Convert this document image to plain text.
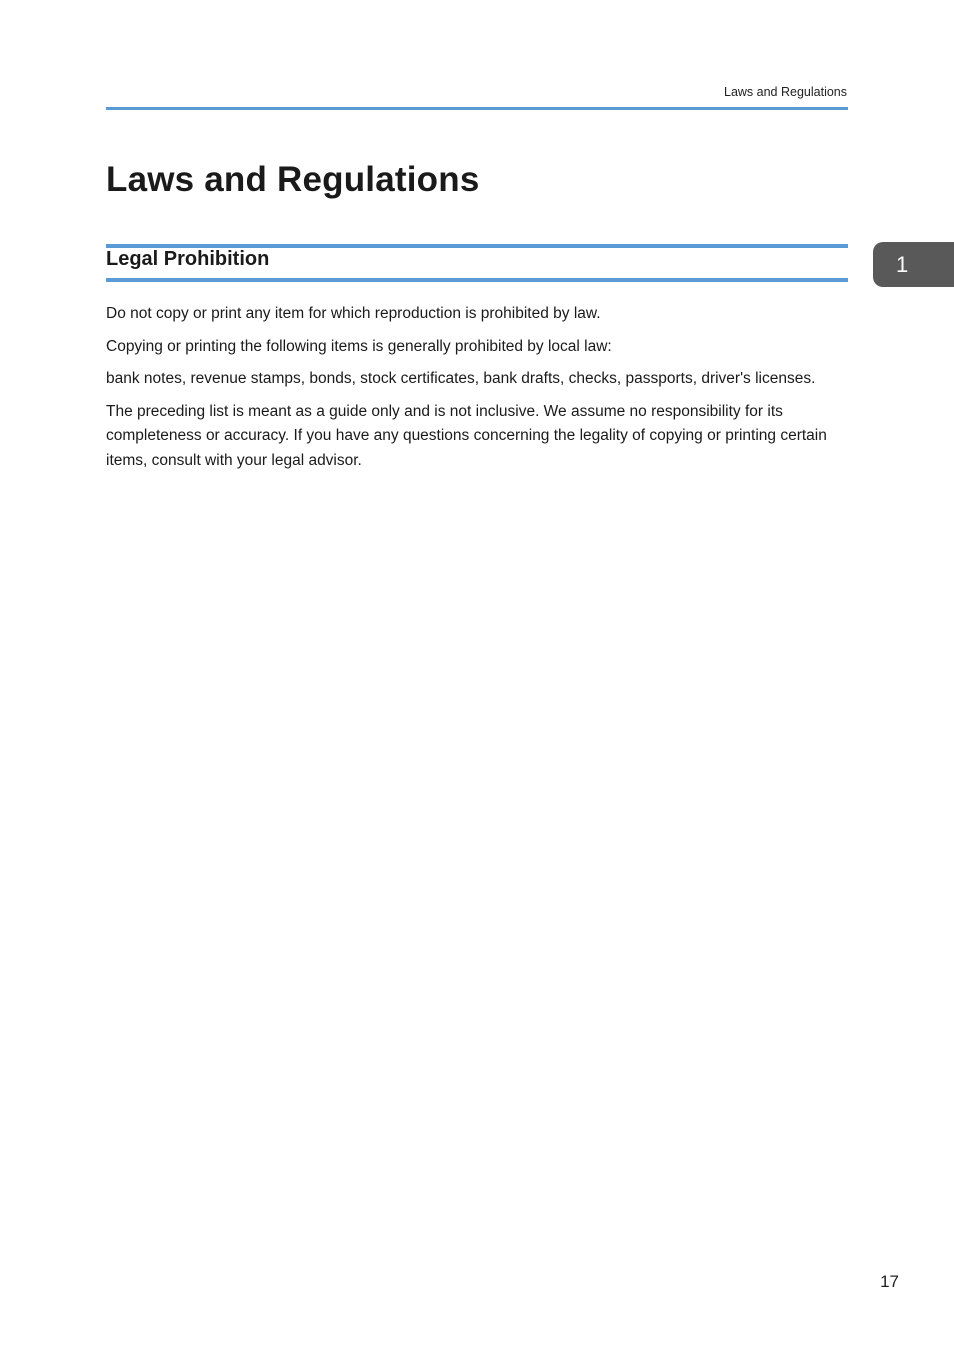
Laws and Regulations
Laws and Regulations
Legal Prohibition	1

Do not copy or print any item for which reproduction is prohibited by law.

Copying or printing the following items is generally prohibited by local law:

bank notes, revenue stamps, bonds, stock certificates, bank drafts, checks, passports, driver's licenses.

The preceding list is meant as a guide only and is not inclusive. We assume no responsibility for its completeness or accuracy. If you have any questions concerning the legality of copying or printing certain items, consult with your legal advisor.

17
